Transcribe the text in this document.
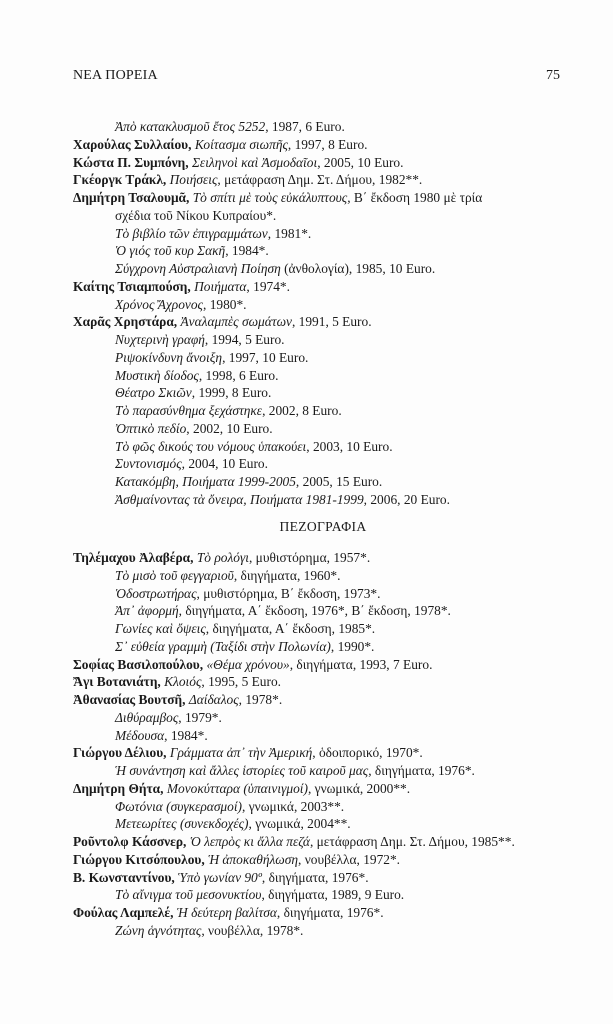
ΝΕΑ ΠΟΡΕΙΑ	75
Ἀπὸ κατακλυσμοῦ ἔτος 5252, 1987, 6 Euro.
Χαρούλας Συλλαίου, Κοίτασμα σιωπῆς, 1997, 8 Euro.
Κώστα Π. Συμπόνη, Σειληνοὶ καὶ Ἀσμοδαῖοι, 2005, 10 Euro.
Γκέοργκ Τράκλ, Ποιήσεις, μετάφραση Δημ. Στ. Δήμου, 1982**.
Δημήτρη Τσαλουμᾶ, Τὸ σπίτι μὲ τοὺς εὐκάλυπτους, Β΄ ἔκδοση 1980 μὲ τρία
σχέδια τοῦ Νίκου Κυπραίου*.
Τὸ βιβλίο τῶν ἐπιγραμμάτων, 1981*.
Ὁ γιός τοῦ κυρ Σακῆ, 1984*.
Σύγχρονη Αὐστραλιανὴ Ποίηση (ἀνθολογία), 1985, 10 Euro.
Καίτης Τσιαμπούση, Ποιήματα, 1974*.
Χρόνος Ἄχρονος, 1980*.
Χαρᾶς Χρηστάρα, Ἀναλαμπὲς σωμάτων, 1991, 5 Euro.
Νυχτερινὴ γραφή, 1994, 5 Euro.
Ριψοκίνδυνη ἄνοιξη, 1997, 10 Euro.
Μυστικὴ δίοδος, 1998, 6 Euro.
Θέατρο Σκιῶν, 1999, 8 Euro.
Τὸ παρασύνθημα ξεχάστηκε, 2002, 8 Euro.
Ὀπτικὸ πεδίο, 2002, 10 Euro.
Τὸ φῶς δικούς του νόμους ὑπακούει, 2003, 10 Euro.
Συντονισμός, 2004, 10 Euro.
Κατακόμβη, Ποιήματα 1999-2005, 2005, 15 Euro.
Ἀσθμαίνοντας τὰ ὄνειρα, Ποιήματα 1981-1999, 2006, 20 Euro.
ΠΕΖΟΓΡΑΦΙΑ
Τηλέμαχου Ἀλαβέρα, Τὸ ρολόγι, μυθιστόρημα, 1957*.
Τὸ μισὸ τοῦ φεγγαριοῦ, διηγήματα, 1960*.
Ὁδοστρωτήρας, μυθιστόρημα, Β΄ ἔκδοση, 1973*.
Ἀπ᾽ ἀφορμή, διηγήματα, Α΄ ἔκδοση, 1976*, Β΄ ἔκδοση, 1978*.
Γωνίες καὶ ὄψεις, διηγήματα, Α΄ ἔκδοση, 1985*.
Σ᾽ εὐθεία γραμμὴ (Ταξίδι στὴν Πολωνία), 1990*.
Σοφίας Βασιλοπούλου, «Θέμα χρόνου», διηγήματα, 1993, 7 Euro.
Ἄγι Βοτανιάτη, Κλοιός, 1995, 5 Euro.
Ἀθανασίας Βουτσῆ, Δαίδαλος, 1978*.
Διθύραμβος, 1979*.
Μέδουσα, 1984*.
Γιώργου Δέλιου, Γράμματα ἀπ᾽ τὴν Ἀμερική, ὁδοιπορικό, 1970*.
Ἡ συνάντηση καὶ ἄλλες ἱστορίες τοῦ καιροῦ μας, διηγήματα, 1976*.
Δημήτρη Θήτα, Μονοκύτταρα (ὑπαινιγμοί), γνωμικά, 2000**.
Φωτόνια (συγκερασμοί), γνωμικά, 2003**.
Μετεωρίτες (συνεκδοχές), γνωμικά, 2004**.
Ροῦντολφ Κάσσνερ, Ὁ λεπρὸς κι ἄλλα πεζά, μετάφραση Δημ. Στ. Δήμου, 1985**.
Γιώργου Κιτσόπουλου, Ἡ ἀποκαθήλωση, νουβέλλα, 1972*.
Β. Κωνσταντίνου, Ὑπὸ γωνίαν 90º, διηγήματα, 1976*.
Τὸ αἴνιγμα τοῦ μεσονυκτίου, διηγήματα, 1989, 9 Euro.
Φούλας Λαμπελέ, Ἡ δεύτερη βαλίτσα, διηγήματα, 1976*.
Ζώνη ἁγνότητας, νουβέλλα, 1978*.
